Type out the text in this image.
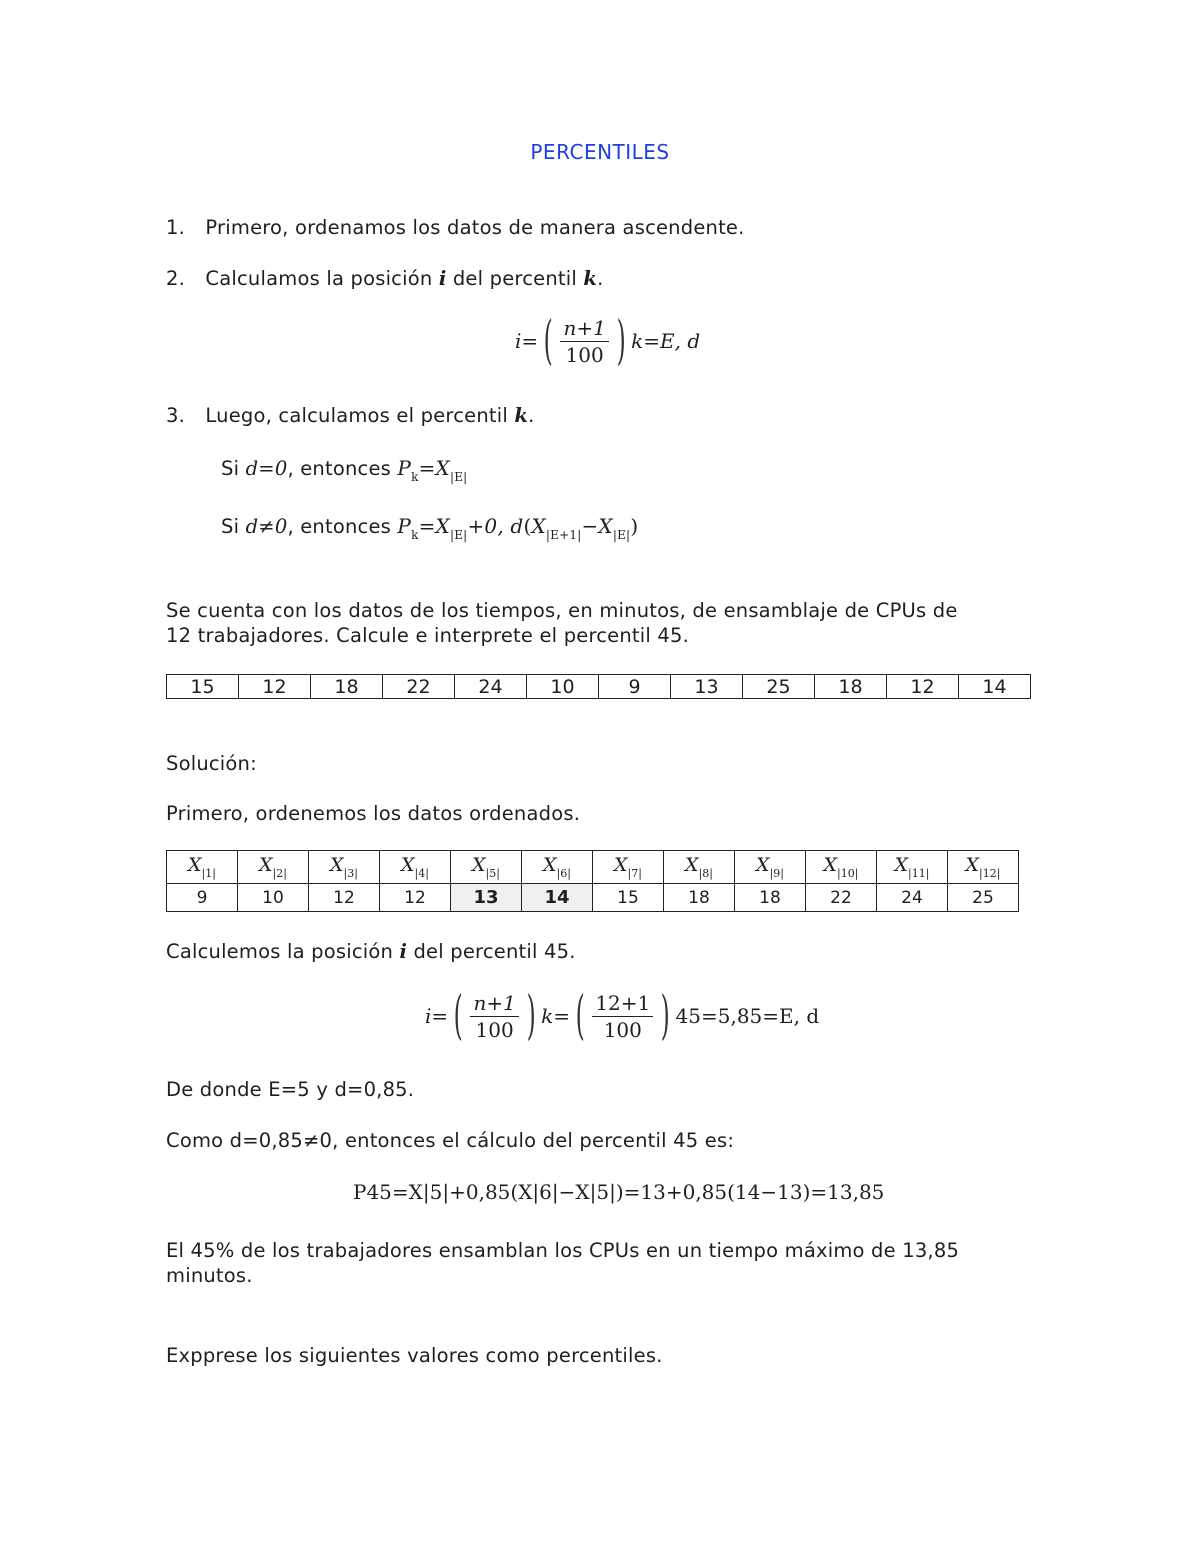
PERCENTILES
1. Primero, ordenamos los datos de manera ascendente.
2. Calculamos la posición i del percentil k.
i= ( $\frac{n+1}{100}$ ) k=E, d
3. Luego, calculamos el percentil k.
Si d=0, entonces $P_k=X_{|E|}$
Si d≠0, entonces $P_k=X_{|E|}+0$, $d(X_{|E+1|}-X_{|E|})$
Se cuenta con los datos de los tiempos, en minutos, de ensamblaje de CPUs de
12 trabajadores. Calcule e interprete el percentil 45.
15	12	18	22	24	10	9	13	25	18	12	14
Solución:
Primero, ordenemos los datos ordenados.
$X_{|1|}$	$X_{|2|}$	$X_{|3|}$	$X_{|4|}$	$X_{|5|}$	$X_{|6|}$	$X_{|7|}$	$X_{|8|}$	$X_{|9|}$	$X_{|10|}$	$X_{|11|}$	$X_{|12|}$
9	10	12	12	13	14	15	18	18	22	24	25
Calculemos la posición i del percentil 45.
i= ( $\frac{n+1}{100}$ ) k= ( $\frac{12+1}{100}$ ) 45=5,85=E, d
De donde E=5 y d=0,85.
Como d=0,85≠0, entonces el cálculo del percentil 45 es:
P45=X|5|+0,85(X|6|−X|5|)=13+0,85(14−13)=13,85
El 45% de los trabajadores ensamblan los CPUs en un tiempo máximo de 13,85
minutos.
Expprese los siguientes valores como percentiles.
